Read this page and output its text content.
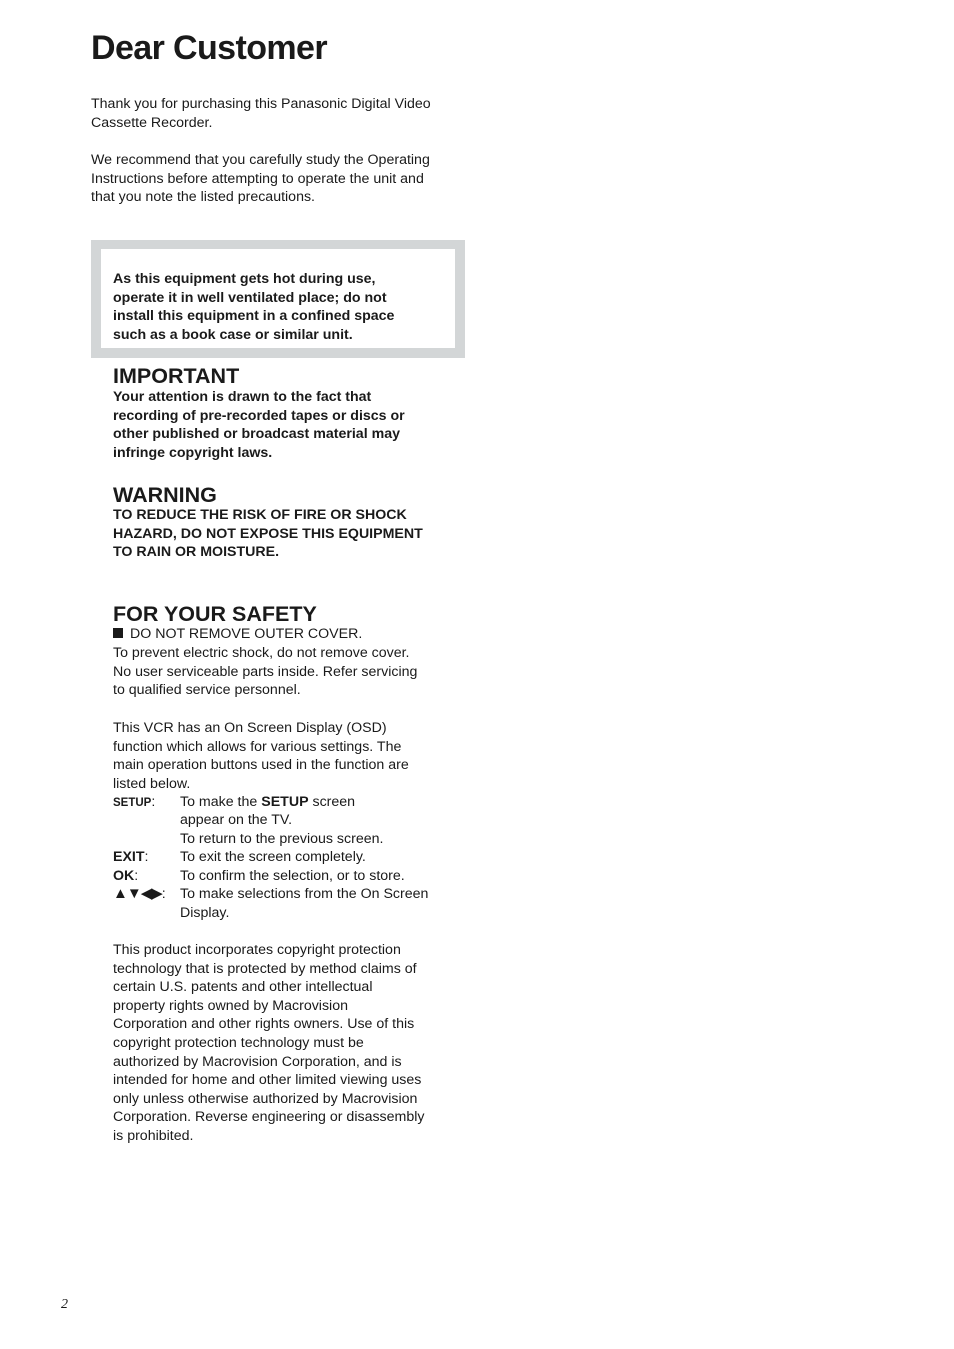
Dear Customer

Thank you for purchasing this Panasonic Digital Video
Cassette Recorder.

We recommend that you carefully study the Operating
Instructions before attempting to operate the unit and
that you note the listed precautions.

As this equipment gets hot during use,
operate it in well ventilated place; do not
install this equipment in a confined space
such as a book case or similar unit.

IMPORTANT

Your attention is drawn to the fact that
recording of pre-recorded tapes or discs or
other published or broadcast material may
infringe copyright laws.

WARNING

TO REDUCE THE RISK OF FIRE OR SHOCK
HAZARD, DO NOT EXPOSE THIS EQUIPMENT
TO RAIN OR MOISTURE.

FOR YOUR SAFETY
DO NOT REMOVE OUTER COVER.

To prevent electric shock, do not remove cover.
No user serviceable parts inside. Refer servicing
to qualified service personnel.

This VCR has an On Screen Display (OSD)
function which allows for various settings. The
main operation buttons used in the function are
listed below.

SETUP: To make the SETUP screen
appear on the TV.
To return to the previous screen.
EXIT: To exit the screen completely.
OK:	To confirm the selection, or to store.
▲▼◀▶: To make selections from the On Screen
Display.

This product incorporates copyright protection
technology that is protected by method claims of
certain U.S. patents and other intellectual
property rights owned by Macrovision
Corporation and other rights owners. Use of this
copyright protection technology must be
authorized by Macrovision Corporation, and is
intended for home and other limited viewing uses
only unless otherwise authorized by Macrovision
Corporation. Reverse engineering or disassembly
is prohibited.

2
